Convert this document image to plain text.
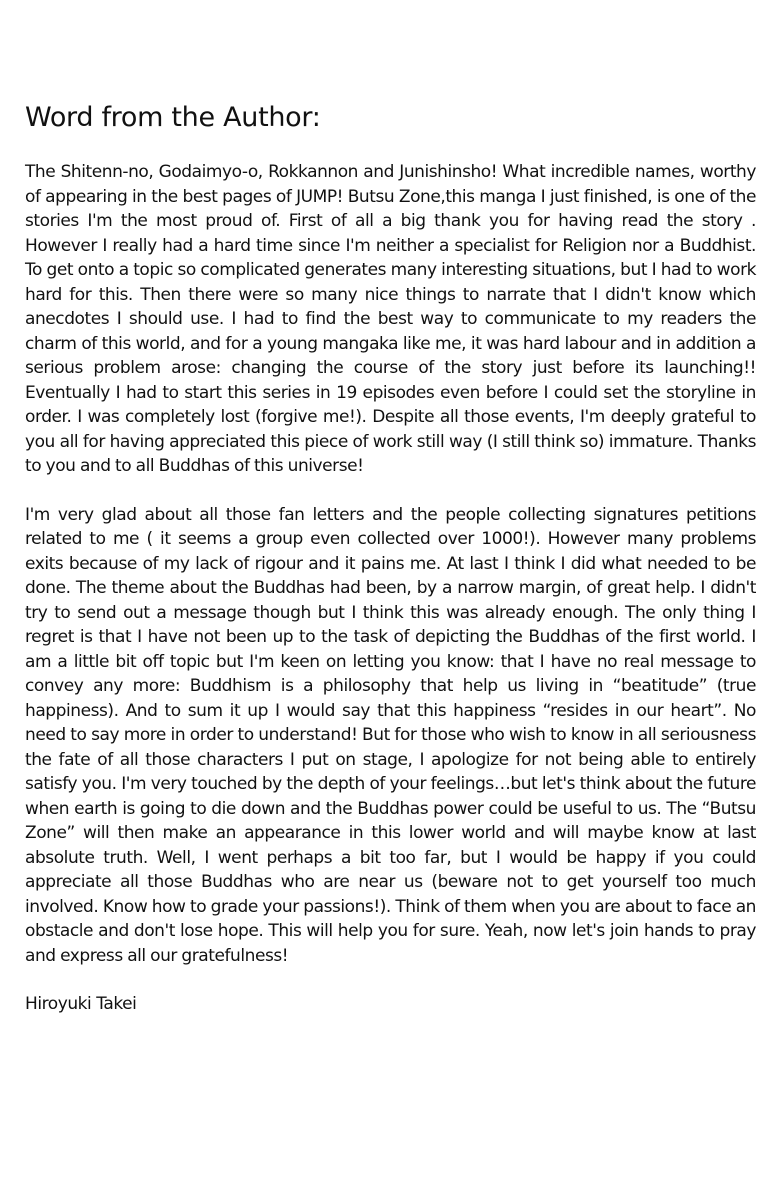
Word from the Author:

The Shitenn-no, Godaimyo-o, Rokkannon and Junishinsho! What incredible names, worthy of appearing in the best pages of JUMP! Butsu Zone,this manga I just finished, is one of the stories I'm the most proud of. First of all a big thank you for having read the story . However I really had a hard time since I'm neither a specialist for Religion nor a Buddhist. To get onto a topic so complicated generates many interesting situations, but I had to work hard for this. Then there were so many nice things to narrate that I didn't know which anecdotes I should use. I had to find the best way to communicate to my readers the charm of this world, and for a young mangaka like me, it was hard labour and in addition a serious problem arose: changing the course of the story just before its launching!! Eventually I had to start this series in 19 episodes even before I could set the storyline in order. I was completely lost (forgive me!). Despite all those events, I'm deeply grateful to you all for having appreciated this piece of work still way (I still think so) immature. Thanks to you and to all Buddhas of this universe!

I'm very glad about all those fan letters and the people collecting signatures petitions related to me ( it seems a group even collected over 1000!). However many problems exits because of my lack of rigour and it pains me. At last I think I did what needed to be done. The theme about the Buddhas had been, by a narrow margin, of great help. I didn't try to send out a message though but I think this was already enough. The only thing I regret is that I have not been up to the task of depicting the Buddhas of the first world. I am a little bit off topic but I'm keen on letting you know: that I have no real message to convey any more: Buddhism is a philosophy that help us living in “beatitude” (true happiness). And to sum it up I would say that this happiness “resides in our heart”. No need to say more in order to understand! But for those who wish to know in all seriousness the fate of all those characters I put on stage, I apologize for not being able to entirely satisfy you. I'm very touched by the depth of your feelings…but let's think about the future when earth is going to die down and the Buddhas power could be useful to us. The “Butsu Zone” will then make an appearance in this lower world and will maybe know at last absolute truth. Well, I went perhaps a bit too far, but I would be happy if you could appreciate all those Buddhas who are near us (beware not to get yourself too much involved. Know how to grade your passions!). Think of them when you are about to face an obstacle and don't lose hope. This will help you for sure. Yeah, now let's join hands to pray and express all our gratefulness!

Hiroyuki Takei
